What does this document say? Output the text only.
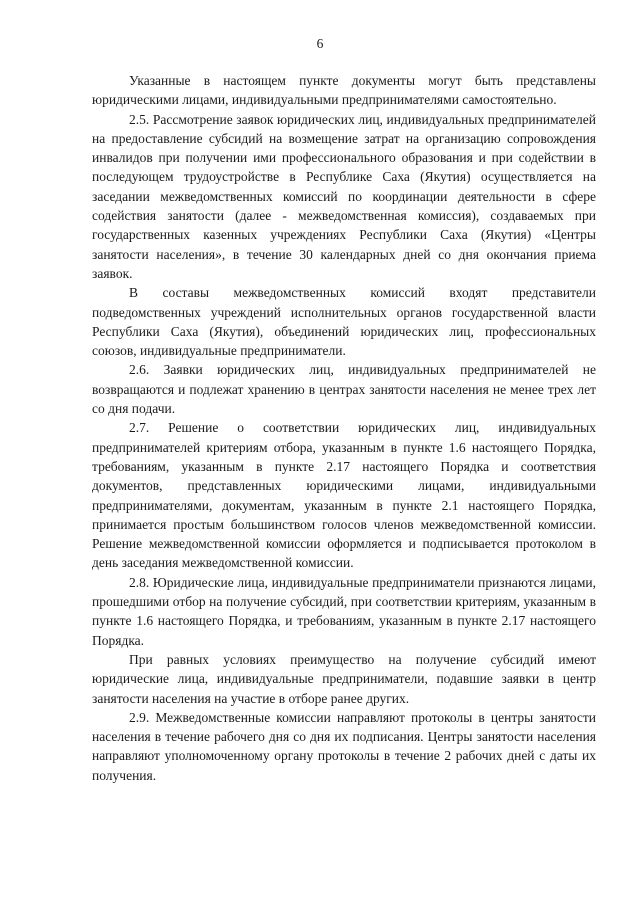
6

Указанные в настоящем пункте документы могут быть представлены юридическими лицами, индивидуальными предпринимателями самостоятельно.

2.5. Рассмотрение заявок юридических лиц, индивидуальных предпринимателей на предоставление субсидий на возмещение затрат на организацию сопровождения инвалидов при получении ими профессионального образования и при содействии в последующем трудоустройстве в Республике Саха (Якутия) осуществляется на заседании межведомственных комиссий по координации деятельности в сфере содействия занятости (далее - межведомственная комиссия), создаваемых при государственных казенных учреждениях Республики Саха (Якутия) «Центры занятости населения», в течение 30 календарных дней со дня окончания приема заявок.

В составы межведомственных комиссий входят представители подведомственных учреждений исполнительных органов государственной власти Республики Саха (Якутия), объединений юридических лиц, профессиональных союзов, индивидуальные предприниматели.

2.6. Заявки юридических лиц, индивидуальных предпринимателей не возвращаются и подлежат хранению в центрах занятости населения не менее трех лет со дня подачи.

2.7. Решение о соответствии юридических лиц, индивидуальных предпринимателей критериям отбора, указанным в пункте 1.6 настоящего Порядка, требованиям, указанным в пункте 2.17 настоящего Порядка и соответствия документов, представленных юридическими лицами, индивидуальными предпринимателями, документам, указанным в пункте 2.1 настоящего Порядка, принимается простым большинством голосов членов межведомственной комиссии. Решение межведомственной комиссии оформляется и подписывается протоколом в день заседания межведомственной комиссии.

2.8. Юридические лица, индивидуальные предприниматели признаются лицами, прошедшими отбор на получение субсидий, при соответствии критериям, указанным в пункте 1.6 настоящего Порядка, и требованиям, указанным в пункте 2.17 настоящего Порядка.

При равных условиях преимущество на получение субсидий имеют юридические лица, индивидуальные предприниматели, подавшие заявки в центр занятости населения на участие в отборе ранее других.

2.9. Межведомственные комиссии направляют протоколы в центры занятости населения в течение рабочего дня со дня их подписания. Центры занятости населения направляют уполномоченному органу протоколы в течение 2 рабочих дней с даты их получения.
